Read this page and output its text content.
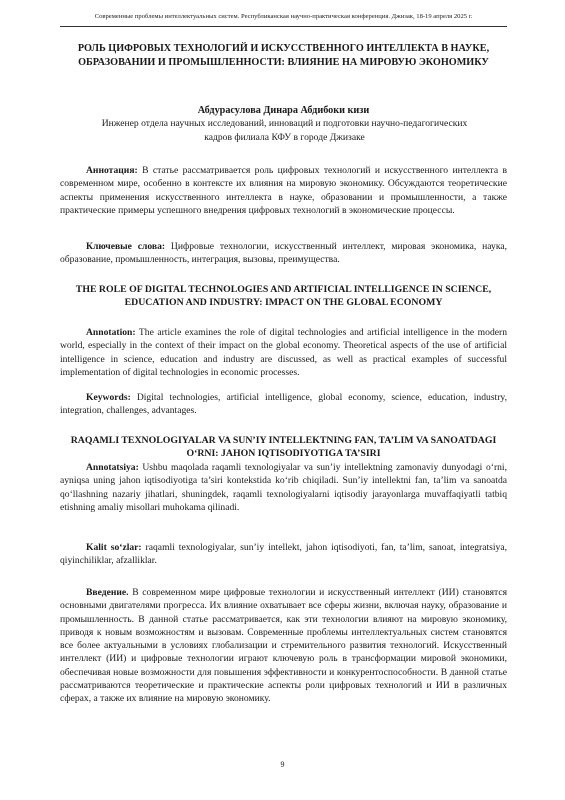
Современные проблемы интеллектуальных систем. Республиканская научно-практическая конференция. Джизак, 18-19 апреля 2025 г.
РОЛЬ ЦИФРОВЫХ ТЕХНОЛОГИЙ И ИСКУССТВЕННОГО ИНТЕЛЛЕКТА В НАУКЕ, ОБРАЗОВАНИИ И ПРОМЫШЛЕННОСТИ: ВЛИЯНИЕ НА МИРОВУЮ ЭКОНОМИКУ
Абдурасулова Динара Абдибоки кизи
Инженер отдела научных исследований, инноваций и подготовки научно-педагогических кадров филиала КФУ в городе Джизаке

Аннотация: В статье рассматривается роль цифровых технологий и искусственного интеллекта в современном мире, особенно в контексте их влияния на мировую экономику. Обсуждаются теоретические аспекты применения искусственного интеллекта в науке, образовании и промышленности, а также практические примеры успешного внедрения цифровых технологий в экономические процессы.

Ключевые слова: Цифровые технологии, искусственный интеллект, мировая экономика, наука, образование, промышленность, интеграция, вызовы, преимущества.

THE ROLE OF DIGITAL TECHNOLOGIES AND ARTIFICIAL INTELLIGENCE IN SCIENCE, EDUCATION AND INDUSTRY: IMPACT ON THE GLOBAL ECONOMY

Annotation: The article examines the role of digital technologies and artificial intelligence in the modern world, especially in the context of their impact on the global economy. Theoretical aspects of the use of artificial intelligence in science, education and industry are discussed, as well as practical examples of successful implementation of digital technologies in economic processes.

Keywords: Digital technologies, artificial intelligence, global economy, science, education, industry, integration, challenges, advantages.

RAQAMLI TEXNOLOGIYALAR VA SUN’IY INTELLEKTNING FAN, TA’LIM VA SANOATDAGI O‘RNI: JAHON IQTISODIYOTIGA TA’SIRI

Annotatsiya: Ushbu maqolada raqamli texnologiyalar va sun’iy intellektning zamonaviy dunyodagi o‘rni, ayniqsa uning jahon iqtisodiyotiga ta’siri kontekstida ko‘rib chiqiladi. Sun’iy intellektni fan, ta’lim va sanoatda qo‘llashning nazariy jihatlari, shuningdek, raqamli texnologiyalarni iqtisodiy jarayonlarga muvaffaqiyatli tatbiq etishning amaliy misollari muhokama qilinadi.

Kalit so‘zlar: raqamli texnologiyalar, sun’iy intellekt, jahon iqtisodiyoti, fan, ta’lim, sanoat, integratsiya, qiyinchiliklar, afzalliklar.

Введение. В современном мире цифровые технологии и искусственный интеллект (ИИ) становятся основными двигателями прогресса. Их влияние охватывает все сферы жизни, включая науку, образование и промышленность. В данной статье рассматривается, как эти технологии влияют на мировую экономику, приводя к новым возможностям и вызовам. Современные проблемы интеллектуальных систем становятся все более актуальными в условиях глобализации и стремительного развития технологий. Искусственный интеллект (ИИ) и цифровые технологии играют ключевую роль в трансформации мировой экономики, обеспечивая новые возможности для повышения эффективности и конкурентоспособности. В данной статье рассматриваются теоретические и практические аспекты роли цифровых технологий и ИИ в различных сферах, а также их влияние на мировую экономику.

9
